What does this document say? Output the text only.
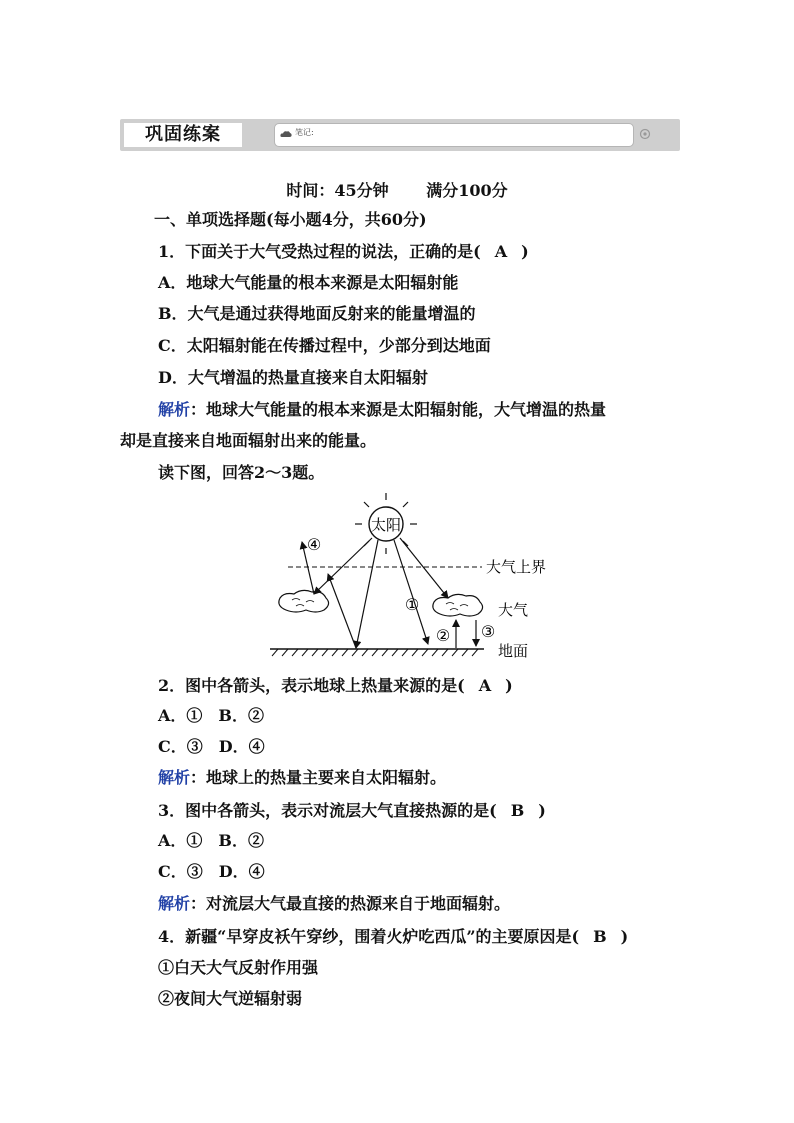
巩固练案	笔记:
时间：45分钟 满分100分
一、单项选择题(每小题4分，共60分)
1．下面关于大气受热过程的说法，正确的是( A )
A．地球大气能量的根本来源是太阳辐射能
B．大气是通过获得地面反射来的能量增温的
C．太阳辐射能在传播过程中，少部分到达地面
D．大气增温的热量直接来自太阳辐射
解析：地球大气能量的根本来源是太阳辐射能，大气增温的热量
却是直接来自地面辐射出来的能量。
读下图，回答2～3题。
太阳
大气上界
大气
地面
④
①
② ③
2．图中各箭头，表示地球上热量来源的是( A )
A．①　B．②
C．③　D．④
解析：地球上的热量主要来自太阳辐射。
3．图中各箭头，表示对流层大气直接热源的是( B )
A．①　B．②
C．③　D．④
解析：对流层大气最直接的热源来自于地面辐射。
4．新疆“早穿皮袄午穿纱，围着火炉吃西瓜”的主要原因是( B )
①白天大气反射作用强
②夜间大气逆辐射弱
